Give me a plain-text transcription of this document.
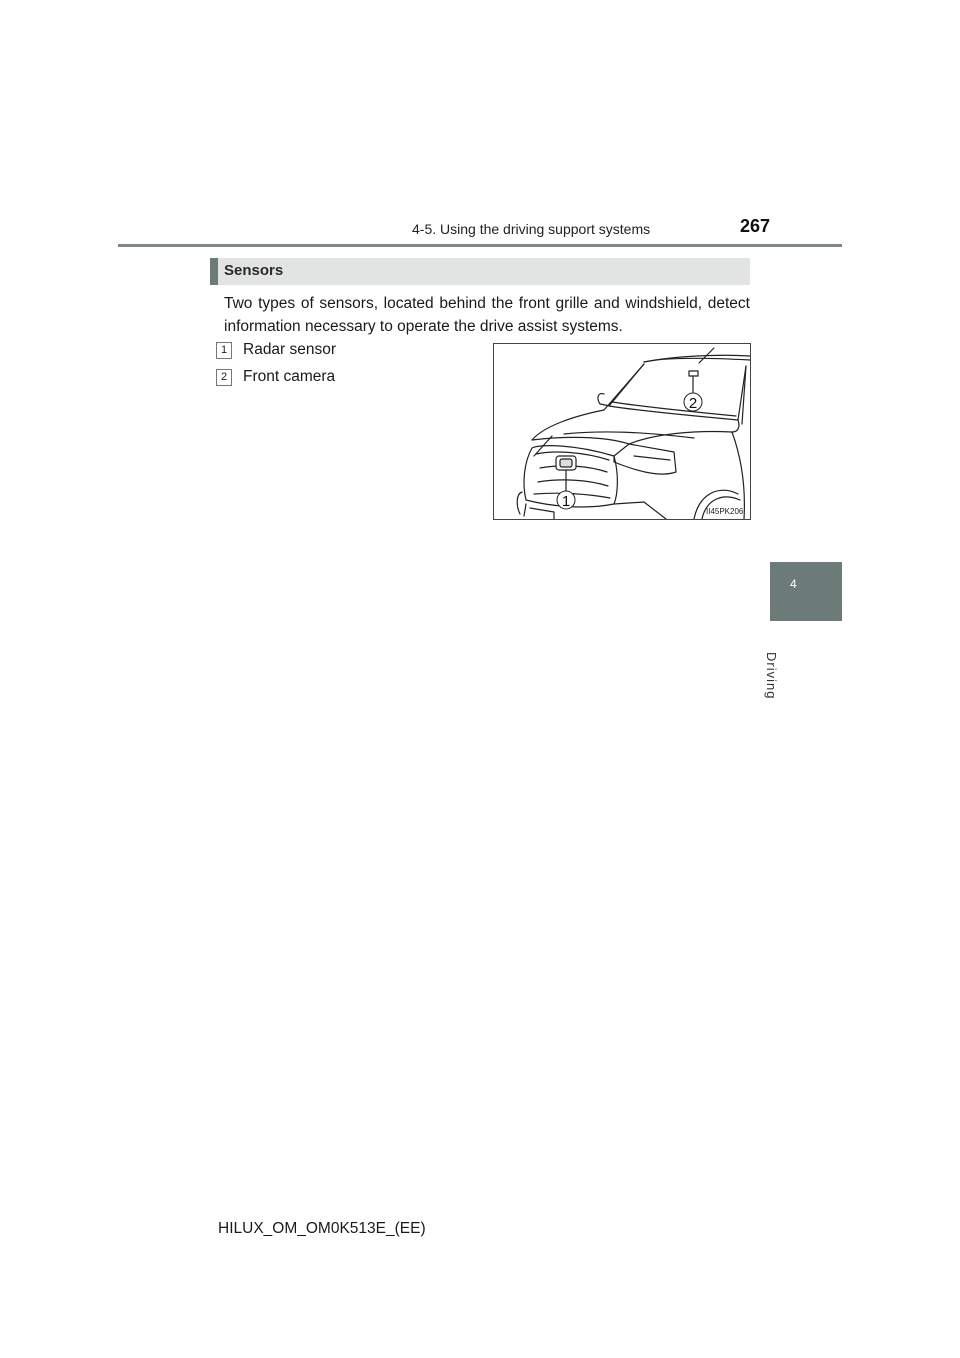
4-5. Using the driving support systems	267
Sensors
Two types of sensors, located behind the front grille and windshield, detect information necessary to operate the drive assist systems.
1	Radar sensor
2	Front camera
2
1
II45PK206
4
Driving
HILUX_OM_OM0K513E_(EE)
